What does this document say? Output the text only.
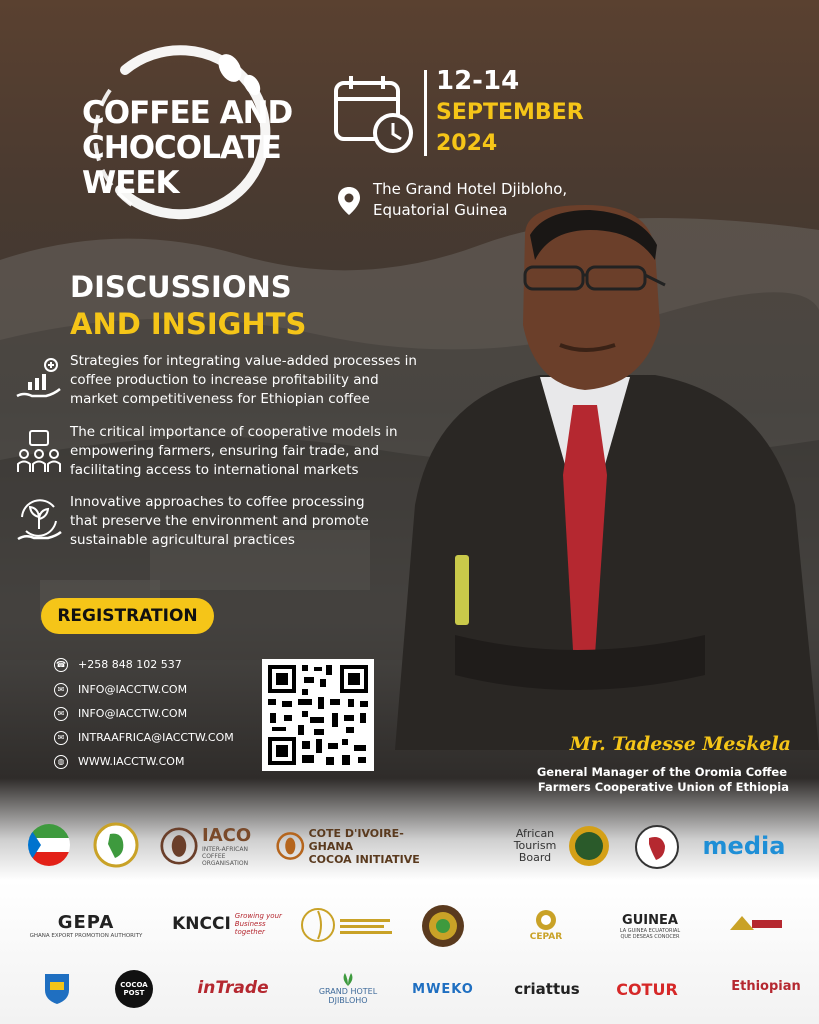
COFFEE AND
CHOCOLATE
WEEK
12-14
SEPTEMBER
2024
The Grand Hotel Djibloho,
Equatorial Guinea
DISCUSSIONS
AND INSIGHTS
Strategies for integrating value-added processes in
coffee production to increase profitability and
market competitiveness for Ethiopian coffee
The critical importance of cooperative models in
empowering farmers, ensuring fair trade, and
facilitating access to international markets
Innovative approaches to coffee processing
that preserve the environment and promote
sustainable agricultural practices
REGISTRATION
☎ +258 848 102 537
✉	INFO@IACCTW.COM
✉	INFO@IACCTW.COM
✉	INTRAAFRICA@IACCTW.COM
◍	WWW.IACCTW.COM
Mr. Tadesse Meskela
General Manager of the Oromia Coffee
Farmers Cooperative Union of Ethiopia
IACO
INTER-AFRICAN COFFEE ORGANISATION
COTE D'IVOIRE-GHANA
COCOA INITIATIVE
African
Tourism
Board	media
GEPA
GHANA EXPORT PROMOTION AUTHORITY
KNCCI Growing your
Business
together	CEPAR
GUINEA
LA GUINEA ECUATORIAL QUE DESEAS CONOCER
COCOA
POST	inTrade	GRAND HOTEL
DJIBLOHO
MWEKO	criattus COTUR	Ethiopian
